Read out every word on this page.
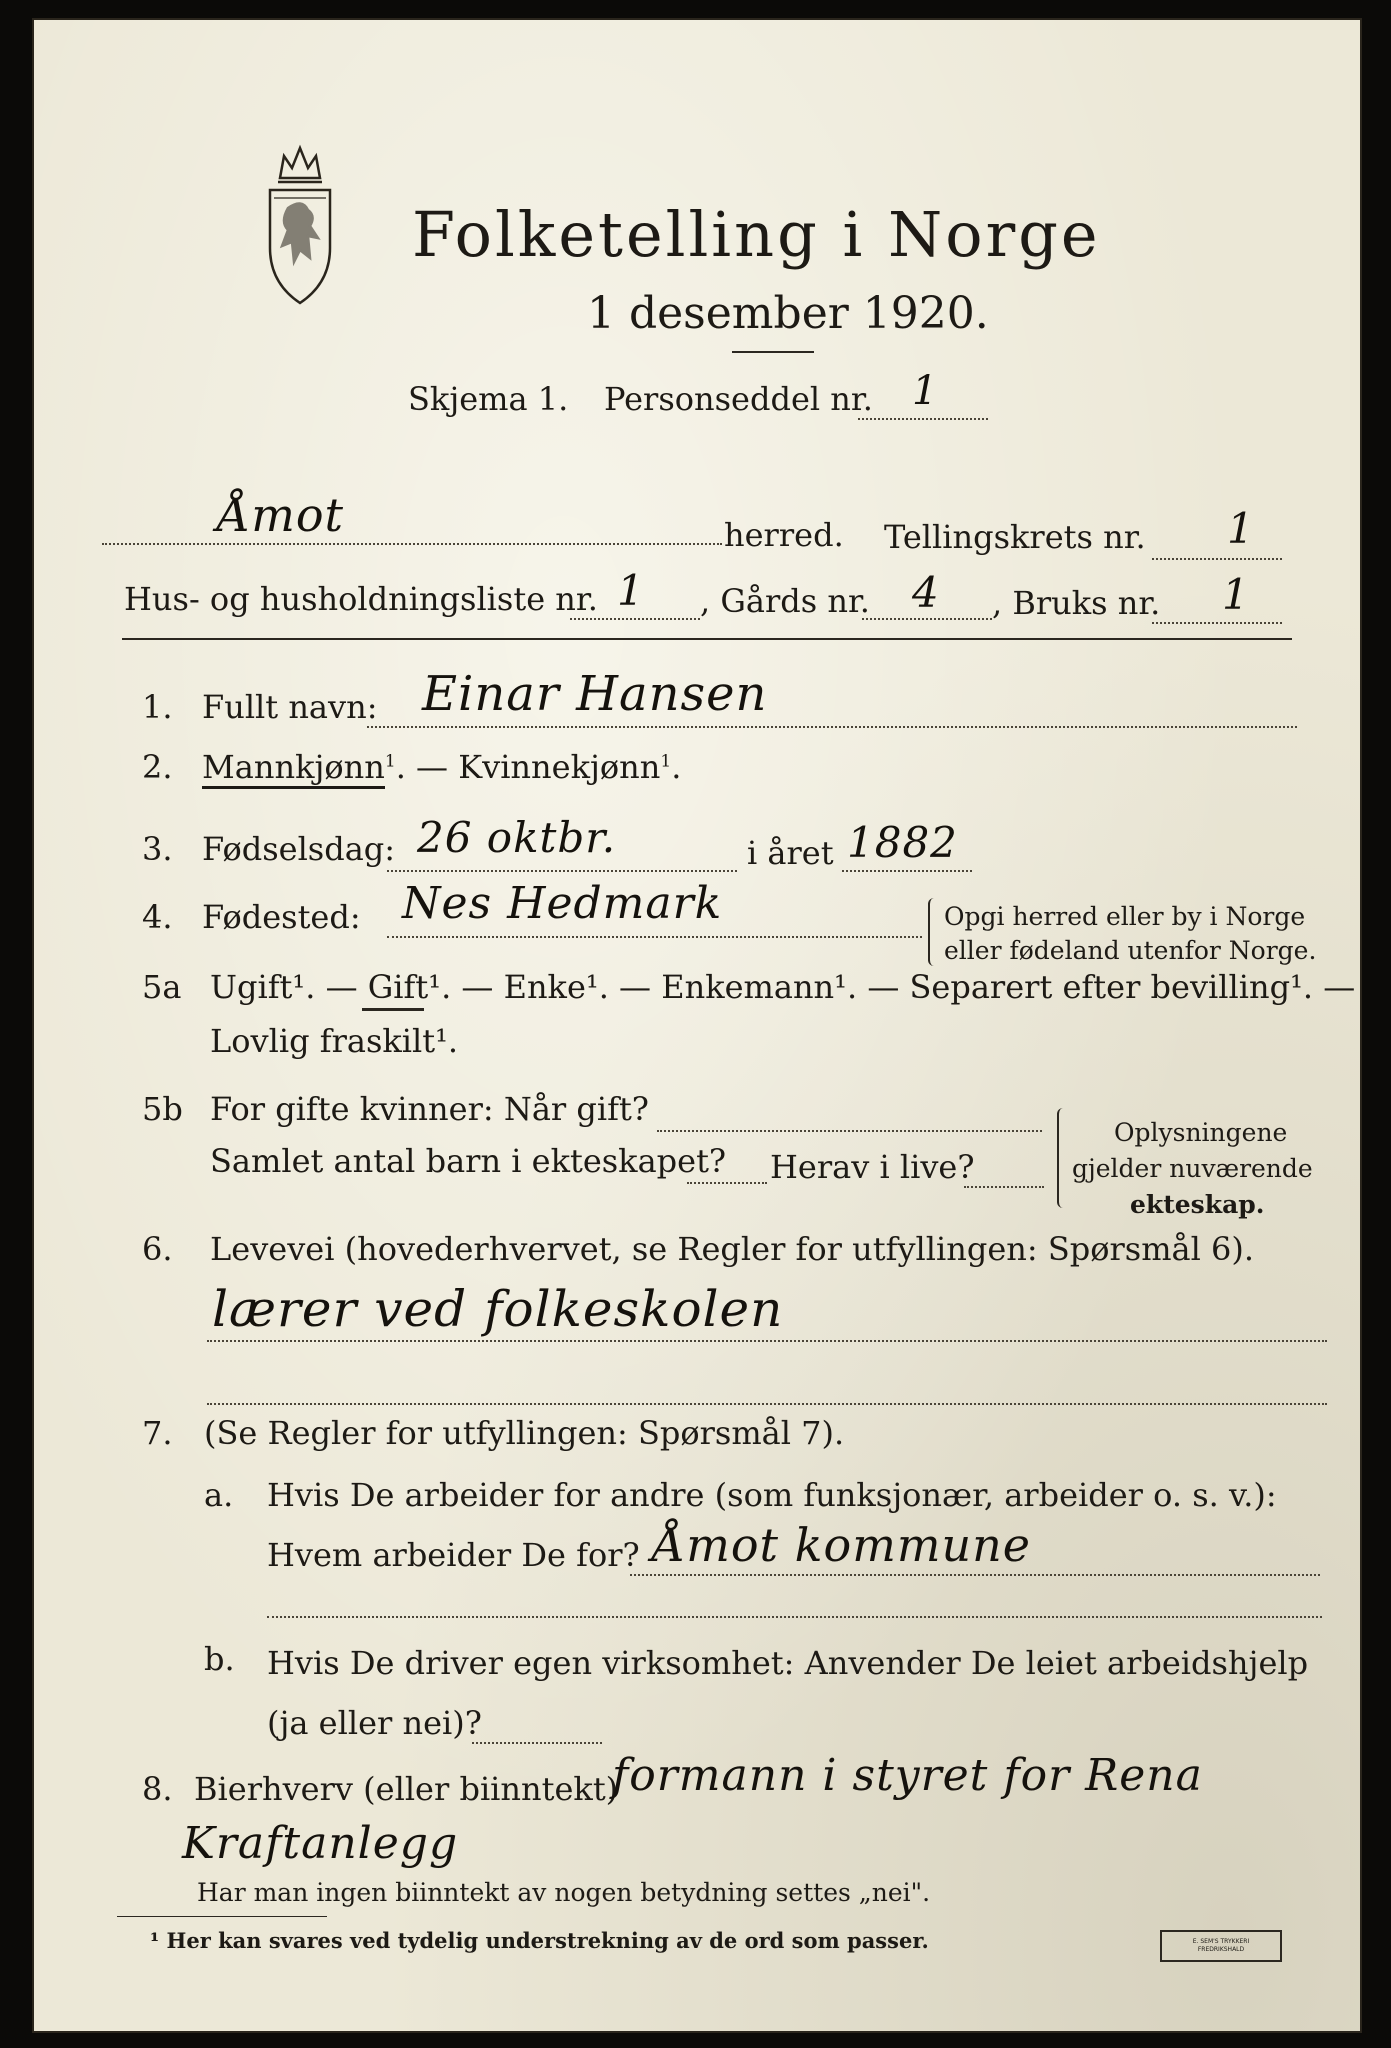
Folketelling i Norge
1 desember 1920.
Skjema 1. Personseddel nr. 1
Åmot	herred. Tellingskrets nr. 1
Hus- og husholdningsliste nr. 1 , Gårds nr. 4 , Bruks nr. 1
1. Fullt navn: Einar Hansen
2. Mannkjønn$^1$. — Kvinnekjønn$^1$.
3. Fødselsdag: 26 oktbr.	i året 1882
4. Fødested: Nes Hedmark	Opgi herred eller by i Norge
eller fødeland utenfor Norge.
5a Ugift¹. — Gift¹. — Enke¹. — Enkemann¹. — Separert efter bevilling¹. —
Lovlig fraskilt¹.
5b For gifte kvinner: Når gift?
Samlet antal barn i ekteskapet? Herav i live?
Oplysningene
gjelder nuværende
ekteskap.
6. Levevei (hovederhvervet, se Regler for utfyllingen: Spørsmål 6).
lærer ved folkeskolen
7. (Se Regler for utfyllingen: Spørsmål 7).
a. Hvis De arbeider for andre (som funksjonær, arbeider o. s. v.):
Hvem arbeider De for? Åmot kommune
b. Hvis De driver egen virksomhet: Anvender De leiet arbeidshjelp
(ja eller nei)?
8. Bierhverv (eller biinntekt)
formann i styret for Rena
Kraftanlegg
Har man ingen biinntekt av nogen betydning settes „nei".
¹ Her kan svares ved tydelig understrekning av de ord som passer.	E. SEM'S TRYKKERI FREDRIKSHALD
